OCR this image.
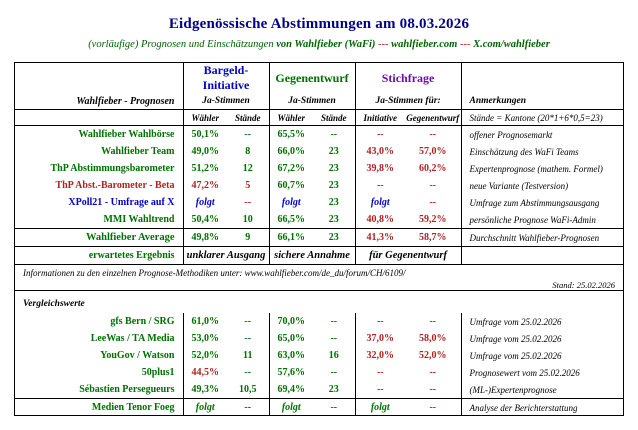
Eidgenössische Abstimmungen am 08.03.2026
(vorläufige) Prognosen und Einschätzungen von Wahlfieber (WaFi) --- wahlfieber.com --- X.com/wahlfieber
	Bargeld-Initiative		Gegenentwurf		Stichfrage		
Wahlfieber - Prognosen	Ja-Stimmen		Ja-Stimmen		Ja-Stimmen für:		Anmerkungen
	Wähler	Stände	Wähler	Stände	Initiative	Gegenentwurf	Stände = Kantone (20*1+6*0,5=23)
Wahlfieber Wahlbörse	50,1%	--	65,5%	--	--	--	offener Prognosemarkt
Wahlfieber Team	49,0%	8	66,0%	23	43,0%	57,0%	Einschätzung des WaFi Teams
ThP Abstimmungsbarometer	51,2%	12	67,2%	23	39,8%	60,2%	Expertenprognose (mathem. Formel)
ThP Abst.-Barometer - Beta	47,2%	5	60,7%	23	--	--	neue Variante (Testversion)
XPoll21 - Umfrage auf X	folgt	--	folgt	23	folgt	--	Umfrage zum Abstimmungsausgang
MMI Wahltrend	50,4%	10	66,5%	23	40,8%	59,2%	persönliche Prognose WaFi-Admin
Wahlfieber Average	49,8%	9	66,1%	23	41,3%	58,7%	Durchschnitt Wahlfieber-Prognosen
erwartetes Ergebnis	unklarer Ausgang		sichere Annahme		für Gegenentwurf		
Informationen zu den einzelnen Prognose-Methodiken unter: www.wahlfieber.com/de_du/forum/CH/6109/							
Stand: 25.02.2026							
Vergleichswerte							
gfs Bern / SRG	61,0%	--	70,0%	--	--	--	Umfrage vom 25.02.2026
LeeWas / TA Media	53,0%	--	65,0%	--	37,0%	58,0%	Umfrage vom 25.02.2026
YouGov / Watson	52,0%	11	63,0%	16	32,0%	52,0%	Umfrage vom 25.02.2026
50plus1	44,5%	--	57,6%	--	--	--	Prognosewert vom 25.02.2026
Sébastien Persegueurs	49,3%	10,5	69,4%	23	--	--	(ML-)Expertenprognose
Medien Tenor Foeg	folgt	--	folgt	--	folgt	--	Analyse der Berichterstattung
